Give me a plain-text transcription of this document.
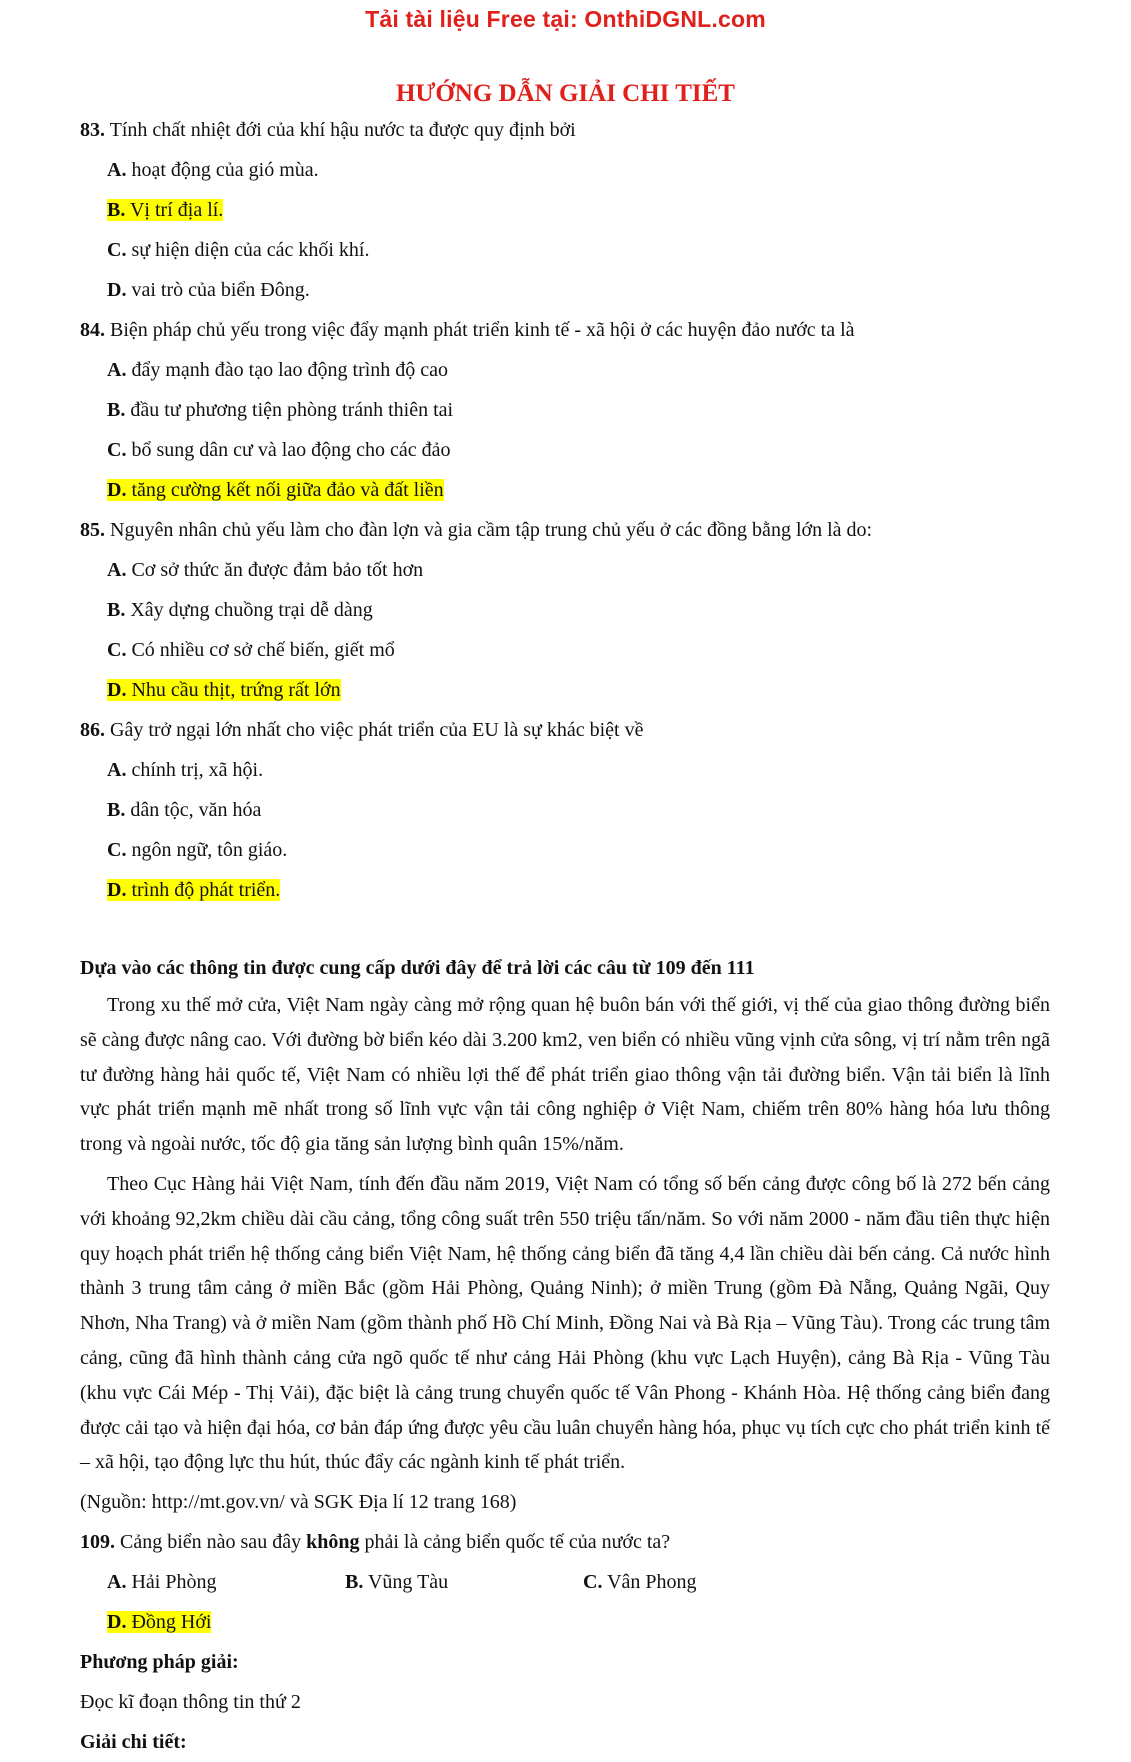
Tải tài liệu Free tại: OnthiDGNL.com
HƯỚNG DẪN GIẢI CHI TIẾT
83. Tính chất nhiệt đới của khí hậu nước ta được quy định bởi
A. hoạt động của gió mùa.
B. Vị trí địa lí.
C. sự hiện diện của các khối khí.
D. vai trò của biển Đông.
84. Biện pháp chủ yếu trong việc đẩy mạnh phát triển kinh tế - xã hội ở các huyện đảo nước ta là
A. đẩy mạnh đào tạo lao động trình độ cao
B. đầu tư phương tiện phòng tránh thiên tai
C. bổ sung dân cư và lao động cho các đảo
D. tăng cường kết nối giữa đảo và đất liền
85. Nguyên nhân chủ yếu làm cho đàn lợn và gia cầm tập trung chủ yếu ở các đồng bằng lớn là do:
A. Cơ sở thức ăn được đảm bảo tốt hơn
B. Xây dựng chuồng trại dễ dàng
C. Có nhiều cơ sở chế biến, giết mổ
D. Nhu cầu thịt, trứng rất lớn
86. Gây trở ngại lớn nhất cho việc phát triển của EU là sự khác biệt về
A. chính trị, xã hội.
B. dân tộc, văn hóa
C. ngôn ngữ, tôn giáo.
D. trình độ phát triển.
Dựa vào các thông tin được cung cấp dưới đây để trả lời các câu từ 109 đến 111

Trong xu thế mở cửa, Việt Nam ngày càng mở rộng quan hệ buôn bán với thế giới, vị thế của giao thông đường biển sẽ càng được nâng cao. Với đường bờ biển kéo dài 3.200 km2, ven biển có nhiều vũng vịnh cửa sông, vị trí nằm trên ngã tư đường hàng hải quốc tế, Việt Nam có nhiều lợi thế để phát triển giao thông vận tải đường biển. Vận tải biển là lĩnh vực phát triển mạnh mẽ nhất trong số lĩnh vực vận tải công nghiệp ở Việt Nam, chiếm trên 80% hàng hóa lưu thông trong và ngoài nước, tốc độ gia tăng sản lượng bình quân 15%/năm.

Theo Cục Hàng hải Việt Nam, tính đến đầu năm 2019, Việt Nam có tổng số bến cảng được công bố là 272 bến cảng với khoảng 92,2km chiều dài cầu cảng, tổng công suất trên 550 triệu tấn/năm. So với năm 2000 - năm đầu tiên thực hiện quy hoạch phát triển hệ thống cảng biển Việt Nam, hệ thống cảng biển đã tăng 4,4 lần chiều dài bến cảng. Cả nước hình thành 3 trung tâm cảng ở miền Bắc (gồm Hải Phòng, Quảng Ninh); ở miền Trung (gồm Đà Nẵng, Quảng Ngãi, Quy Nhơn, Nha Trang) và ở miền Nam (gồm thành phố Hồ Chí Minh, Đồng Nai và Bà Rịa – Vũng Tàu). Trong các trung tâm cảng, cũng đã hình thành cảng cửa ngõ quốc tế như cảng Hải Phòng (khu vực Lạch Huyện), cảng Bà Rịa - Vũng Tàu (khu vực Cái Mép - Thị Vải), đặc biệt là cảng trung chuyển quốc tế Vân Phong - Khánh Hòa. Hệ thống cảng biển đang được cải tạo và hiện đại hóa, cơ bản đáp ứng được yêu cầu luân chuyển hàng hóa, phục vụ tích cực cho phát triển kinh tế – xã hội, tạo động lực thu hút, thúc đẩy các ngành kinh tế phát triển.

(Nguồn: http://mt.gov.vn/ và SGK Địa lí 12 trang 168)
109. Cảng biển nào sau đây không phải là cảng biển quốc tế của nước ta?
A. Hải Phòng	B. Vũng Tàu	C. Vân Phong
D. Đồng Hới
Phương pháp giải:
Đọc kĩ đoạn thông tin thứ 2
Giải chi tiết:
